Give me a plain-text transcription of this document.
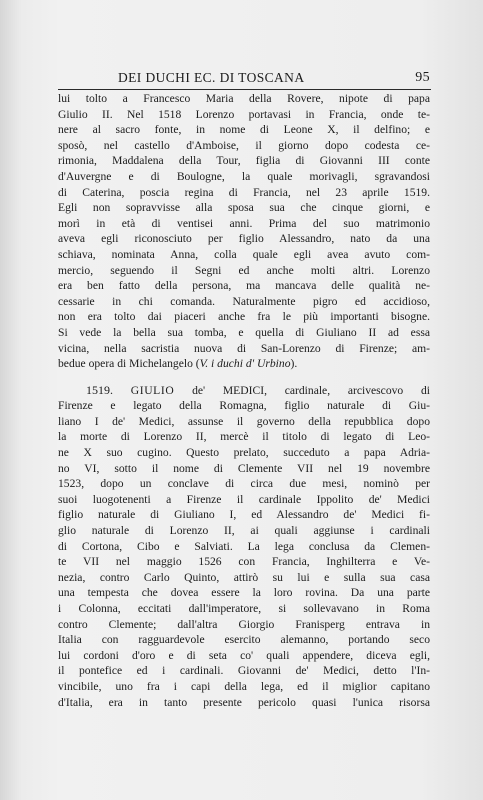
DEI DUCHI EC. DI TOSCANA	95
lui tolto a Francesco Maria della Rovere, nipote di papa
Giulio II. Nel 1518 Lorenzo portavasi in Francia, onde te-
nere al sacro fonte, in nome di Leone X, il delfino; e
sposò, nel castello d'Amboise, il giorno dopo codesta ce-
rimonia, Maddalena della Tour, figlia di Giovanni III conte
d'Auvergne e di Boulogne, la quale morivagli, sgravandosi
di Caterina, poscia regina di Francia, nel 23 aprile 1519.
Egli non sopravvisse alla sposa sua che cinque giorni, e
morì in età di ventisei anni. Prima del suo matrimonio
aveva egli riconosciuto per figlio Alessandro, nato da una
schiava, nominata Anna, colla quale egli avea avuto com-
mercio, seguendo il Segni ed anche molti altri. Lorenzo
era ben fatto della persona, ma mancava delle qualità ne-
cessarie in chi comanda. Naturalmente pigro ed accidioso,
non era tolto dai piaceri anche fra le più importanti bisogne.
Si vede la bella sua tomba, e quella di Giuliano II ad essa
vicina, nella sacristia nuova di San-Lorenzo di Firenze; am-
bedue opera di Michelangelo (V. i duchi d' Urbino).
1519. GIULIO de' MEDICI, cardinale, arcivescovo di
Firenze e legato della Romagna, figlio naturale di Giu-
liano I de' Medici, assunse il governo della repubblica dopo
la morte di Lorenzo II, mercè il titolo di legato di Leo-
ne X suo cugino. Questo prelato, succeduto a papa Adria-
no VI, sotto il nome di Clemente VII nel 19 novembre
1523, dopo un conclave di circa due mesi, nominò per
suoi luogotenenti a Firenze il cardinale Ippolito de' Medici
figlio naturale di Giuliano I, ed Alessandro de' Medici fi-
glio naturale di Lorenzo II, ai quali aggiunse i cardinali
di Cortona, Cibo e Salviati. La lega conclusa da Clemen-
te VII nel maggio 1526 con Francia, Inghilterra e Ve-
nezia, contro Carlo Quinto, attirò su lui e sulla sua casa
una tempesta che dovea essere la loro rovina. Da una parte
i Colonna, eccitati dall'imperatore, si sollevavano in Roma
contro Clemente; dall'altra Giorgio Franisperg entrava in
Italia con ragguardevole esercito alemanno, portando seco
lui cordoni d'oro e di seta co' quali appendere, diceva egli,
il pontefice ed i cardinali. Giovanni de' Medici, detto l'In-
vincibile, uno fra i capi della lega, ed il miglior capitano
d'Italia, era in tanto presente pericolo quasi l'unica risorsa
